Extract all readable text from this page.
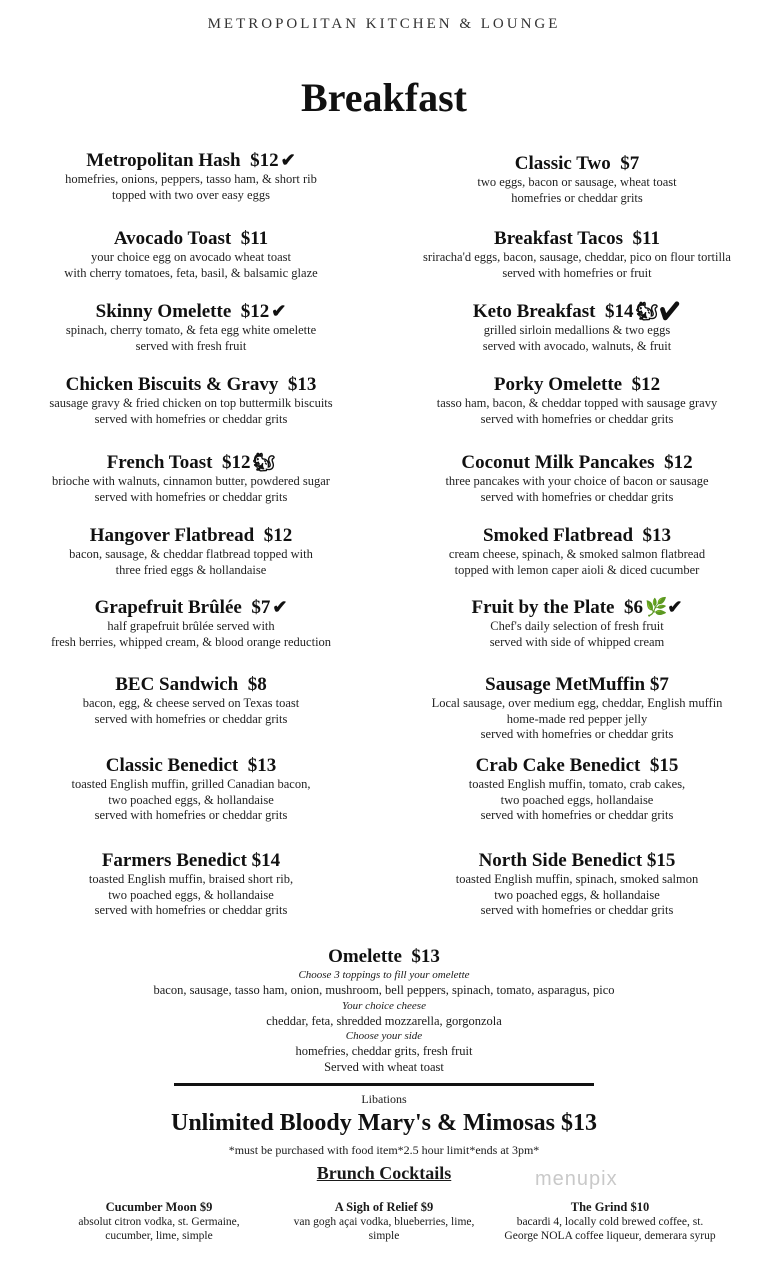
METROPOLITAN KITCHEN & LOUNGE
Breakfast
Metropolitan Hash $12 ✔
homefries, onions, peppers, tasso ham, & short rib
topped with two over easy eggs
Avocado Toast $11
your choice egg on avocado wheat toast
with cherry tomatoes, feta, basil, & balsamic glaze
Skinny Omelette $12 ✔
spinach, cherry tomato, & feta egg white omelette
served with fresh fruit
Chicken Biscuits & Gravy $13
sausage gravy & fried chicken on top buttermilk biscuits
served with homefries or cheddar grits
French Toast $12 🐿
brioche with walnuts, cinnamon butter, powdered sugar
served with homefries or cheddar grits
Hangover Flatbread $12
bacon, sausage, & cheddar flatbread topped with
three fried eggs & hollandaise
Grapefruit Brûlée $7 ✔
half grapefruit brûlée served with
fresh berries, whipped cream, & blood orange reduction
BEC Sandwich $8
bacon, egg, & cheese served on Texas toast
served with homefries or cheddar grits
Classic Benedict $13
toasted English muffin, grilled Canadian bacon,
two poached eggs, & hollandaise
served with homefries or cheddar grits
Farmers Benedict $14
toasted English muffin, braised short rib,
two poached eggs, & hollandaise
served with homefries or cheddar grits
Classic Two $7
two eggs, bacon or sausage, wheat toast
homefries or cheddar grits
Breakfast Tacos $11
sriracha'd eggs, bacon, sausage, cheddar, pico on flour tortilla
served with homefries or fruit
Keto Breakfast $14 🐿✔
grilled sirloin medallions & two eggs
served with avocado, walnuts, & fruit
Porky Omelette $12
tasso ham, bacon, & cheddar topped with sausage gravy
served with homefries or cheddar grits
Coconut Milk Pancakes $12
three pancakes with your choice of bacon or sausage
served with homefries or cheddar grits
Smoked Flatbread $13
cream cheese, spinach, & smoked salmon flatbread
topped with lemon caper aioli & diced cucumber
Fruit by the Plate $6 🌿✔
Chef's daily selection of fresh fruit
served with side of whipped cream
Sausage MetMuffin $7
Local sausage, over medium egg, cheddar, English muffin
home-made red pepper jelly
served with homefries or cheddar grits
Crab Cake Benedict $15
toasted English muffin, tomato, crab cakes,
two poached eggs, hollandaise
served with homefries or cheddar grits
North Side Benedict $15
toasted English muffin, spinach, smoked salmon
two poached eggs, & hollandaise
served with homefries or cheddar grits
Omelette $13
Choose 3 toppings to fill your omelette
bacon, sausage, tasso ham, onion, mushroom, bell peppers, spinach, tomato, asparagus, pico
Your choice cheese
cheddar, feta, shredded mozzarella, gorgonzola
Choose your side
homefries, cheddar grits, fresh fruit
Served with wheat toast
Libations
Unlimited Bloody Mary's & Mimosas $13
*must be purchased with food item*2.5 hour limit*ends at 3pm*
Brunch Cocktails	menupix
Cucumber Moon $9
absolut citron vodka, st. Germaine,
cucumber, lime, simple
A Sigh of Relief $9
van gogh açai vodka, blueberries, lime,
simple
The Grind $10
bacardi 4, locally cold brewed coffee, st.
George NOLA coffee liqueur, demerara syrup
